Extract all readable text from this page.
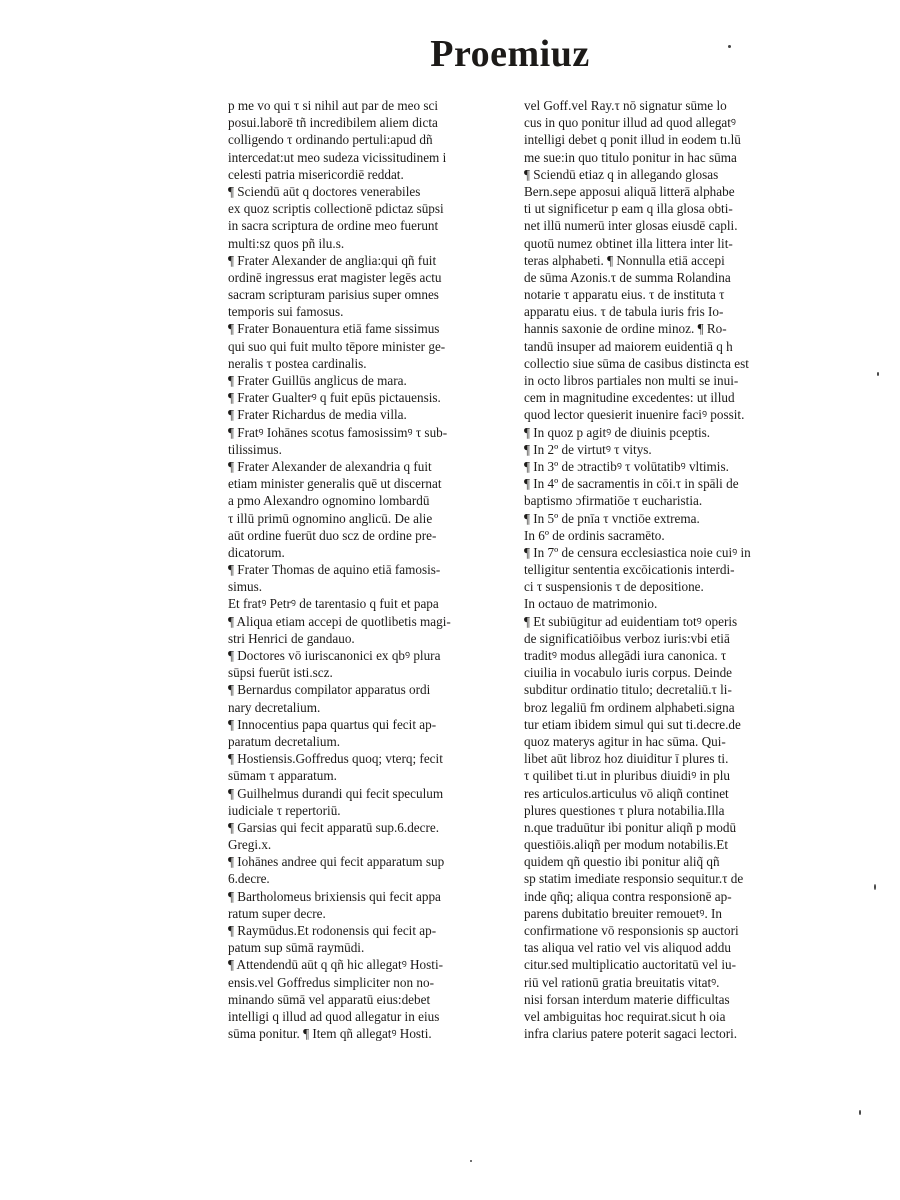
Proemiuz
p me vo qui τ si nihil aut par de meo sci
posui.laborē tñ incredibilem aliem dicta
colligendo τ ordinando pertuli:apud dñ
intercedat:ut meo sudeza vicissitudinem i
celesti patria misericordiē reddat.
¶ Sciendū aūt q doctores venerabiles
ex quoz scriptis collectionē pdictaz sūpsi
in sacra scriptura de ordine meo fuerunt
multi:sz quos pñ ilu.s.
¶ Frater Alexander de anglia:qui qñ fuit
ordinē ingressus erat magister legēs actu
sacram scripturam parisius super omnes
temporis sui famosus.
¶ Frater Bonauentura etiā fame sissimus
qui suo qui fuit multo tēpore minister ge-
neralis τ postea cardinalis.
¶ Frater Guillūs anglicus de mara.
¶ Frater Gualterꝰ q fuit epūs pictauensis.
¶ Frater Richardus de media villa.
¶ Fratꝰ Iohānes scotus famosissimꝰ τ sub-
tilissimus.
¶ Frater Alexander de alexandria q fuit
etiam minister generalis quē ut discernat
a pmo Alexandro ognomino lombardū
τ illū primū ognomino anglicū. De alie
aūt ordine fuerūt duo scz de ordine pre-
dicatorum.
¶ Frater Thomas de aquino etiā famosis-
simus.
Et fratꝰ Petrꝰ de tarentasio q fuit et papa
¶ Aliqua etiam accepi de quotlibetis magi-
stri Henrici de gandauo.
¶ Doctores vō iuriscanonici ex qbꝰ plura
sūpsi fuerūt isti.scz.
¶ Bernardus compilator apparatus ordi
nary decretalium.
¶ Innocentius papa quartus qui fecit ap-
paratum decretalium.
¶ Hostiensis.Goffredus quoq; vterq; fecit
sūmam τ apparatum.
¶ Guilhelmus durandi qui fecit speculum
iudiciale τ repertoriū.
¶ Garsias qui fecit apparatū sup.6.decre.
Gregi.x.
¶ Iohānes andree qui fecit apparatum sup
6.decre.
¶ Bartholomeus brixiensis qui fecit appa
ratum super decre.
¶ Raymūdus.Et rodonensis qui fecit ap-
patum sup sūmā raymūdi.
¶ Attendendū aūt q qñ hic allegatꝰ Hosti-
ensis.vel Goffredus simpliciter non no-
minando sūmā vel apparatū eius:debet
intelligi q illud ad quod allegatur in eius
sūma ponitur. ¶ Item qñ allegatꝰ Hosti.
vel Goff.vel Ray.τ nō signatur sūme lo
cus in quo ponitur illud ad quod allegatꝰ
intelligi debet q ponit illud in eodem tı.lū
me sue:in quo titulo ponitur in hac sūma
¶ Sciendū etiaz q in allegando glosas
Bern.sepe apposui aliquā litterā alphabe
ti ut significetur p eam q illa glosa obti-
net illū numerū inter glosas eiusdē capli.
quotū numez obtinet illa littera inter lit-
teras alphabeti. ¶ Nonnulla etiā accepi
de sūma Azonis.τ de summa Rolandina
notarie τ apparatu eius. τ de instituta τ
apparatu eius. τ de tabula iuris fris Io-
hannis saxonie de ordine minoz. ¶ Ro-
tandū insuper ad maiorem euidentiā q h
collectio siue sūma de casibus distincta est
in octo libros partiales non multi se inui-
cem in magnitudine excedentes: ut illud
quod lector quesierit inuenire faciꝰ possit.
¶ In quoz p agitꝰ de diuinis pceptis.
¶ In 2º de virtutꝰ τ vitys.
¶ In 3º de ɔtractibꝰ τ volūtatibꝰ vltimis.
¶ In 4º de sacramentis in cōi.τ in spāli de
baptismo ɔfirmatiōe τ eucharistia.
¶ In 5º de pnīa τ vnctiōe extrema.
In 6º de ordinis sacramēto.
¶ In 7º de censura ecclesiastica noie cuiꝰ in
telligitur sententia excōicationis interdi-
ci τ suspensionis τ de depositione.
In octauo de matrimonio.
¶ Et subiūgitur ad euidentiam totꝰ operis
de significatiōibus verboz iuris:vbi etiā
traditꝰ modus allegādi iura canonica. τ
ciuilia in vocabulo iuris corpus. Deinde
subditur ordinatio titulo; decretaliū.τ li-
broz legaliū fm ordinem alphabeti.signa
tur etiam ibidem simul qui sut ti.decre.de
quoz materys agitur in hac sūma. Qui-
libet aūt libroz hoz diuiditur ī plures ti.
τ quilibet ti.ut in pluribus diuidiꝰ in plu
res articulos.articulus vō aliqñ continet
plures questiones τ plura notabilia.Illa
n.que traduūtur ibi ponitur aliqñ p modū
questiōis.aliqñ per modum notabilis.Et
quidem qñ questio ibi ponitur aliq̃ qñ
sp statim imediate responsio sequitur.τ de
inde qñq; aliqua contra responsionē ap-
parens dubitatio breuiter remouetꝰ. In
confirmatione vō responsionis sp auctori
tas aliqua vel ratio vel vis aliquod addu
citur.sed multiplicatio auctoritatū vel iu-
riū vel rationū gratia breuitatis vitatꝰ.
nisi forsan interdum materie difficultas
vel ambiguitas hoc requirat.sicut h oia
infra clarius patere poterit sagaci lectori.
